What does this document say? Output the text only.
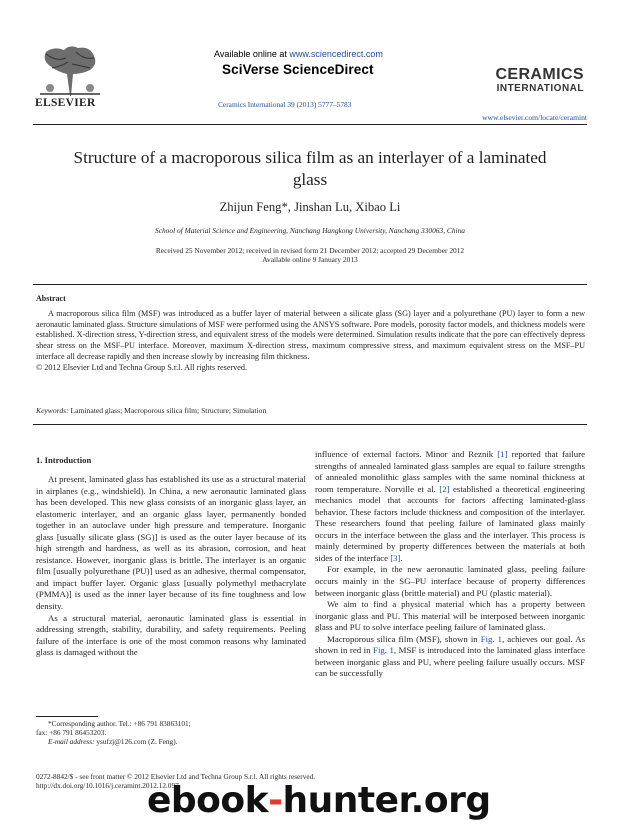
ELSEVIER
Available online at www.sciencedirect.com
SciVerse ScienceDirect
Ceramics International 39 (2013) 5777–5783
CERAMICS
INTERNATIONAL
www.elsevier.com/locate/ceramint
Structure of a macroporous silica film as an interlayer of a laminated glass
Zhijun Feng*, Jinshan Lu, Xibao Li
School of Material Science and Engineering, Nanchang Hangkong University, Nanchang 330063, China
Received 25 November 2012; received in revised form 21 December 2012; accepted 29 December 2012
Available online 9 January 2013
Abstract
A macroporous silica film (MSF) was introduced as a buffer layer of material between a silicate glass (SG) layer and a polyurethane (PU) layer to form a new aeronautic laminated glass. Structure simulations of MSF were performed using the ANSYS software. Pore models, porosity factor models, and thickness models were established. X-direction stress, Y-direction stress, and equivalent stress of the models were determined. Simulation results indicate that the pore can effectively depress shear stress on the MSF–PU interface. Moreover, maximum X-direction stress, maximum compressive stress, and maximum equivalent stress on the MSF–PU interface all decrease rapidly and then increase slowly by increasing film thickness.
© 2012 Elsevier Ltd and Techna Group S.r.l. All rights reserved.
Keywords: Laminated glass; Macroporous silica film; Structure; Simulation
1. Introduction

At present, laminated glass has established its use as a structural material in airplanes (e.g., windshield). In China, a new aeronautic laminated glass has been developed. This new glass consists of an inorganic glass layer, an elastomeric interlayer, and an organic glass layer, permanently bonded together in an autoclave under high pressure and temperature. Inorganic glass [usually silicate glass (SG)] is used as the outer layer because of its high strength and hardness, as well as its abrasion, corrosion, and heat resistance. However, inorganic glass is brittle. The interlayer is an organic film [usually polyurethane (PU)] used as an adhesive, thermal compensator, and impact buffer layer. Organic glass [usually polymethyl methacrylate (PMMA)] is used as the inner layer because of its fine toughness and low density.

As a structural material, aeronautic laminated glass is essential in addressing strength, stability, durability, and safety requirements. Peeling failure of the interface is one of the most common reasons why laminated glass is damaged without the

influence of external factors. Minor and Reznik [1] reported that failure strengths of annealed laminated glass samples are equal to failure strengths of annealed monolithic glass samples with the same nominal thickness at room temperature. Norville et al. [2] established a theoretical engineering mechanics model that accounts for factors affecting laminated-glass behavior. These factors include thickness and composition of the interlayer. These researchers found that peeling failure of laminated glass mainly occurs in the interface between the glass and the interlayer. This process is mainly determined by property differences between the materials at both sides of the interface [3].

For example, in the new aeronautic laminated glass, peeling failure occurs mainly in the SG–PU interface because of property differences between inorganic glass (brittle material) and PU (plastic material).

We aim to find a physical material which has a property between inorganic glass and PU. This material will be interposed between inorganic glass and PU to solve interface peeling failure of laminated glass.

Macroporous silica film (MSF), shown in Fig. 1, achieves our goal. As shown in red in Fig. 1, MSF is introduced into the laminated glass interface between inorganic glass and PU, where peeling failure usually occurs. MSF can be successfully

*Corresponding author. Tel.: +86 791 83863101;

fax: +86 791 86453203.

E-mail address: ysufzj@126.com (Z. Feng).

0272-8842/$ - see front matter © 2012 Elsevier Ltd and Techna Group S.r.l. All rights reserved.
http://dx.doi.org/10.1016/j.ceramint.2012.12.097
ebook-hunter.org
